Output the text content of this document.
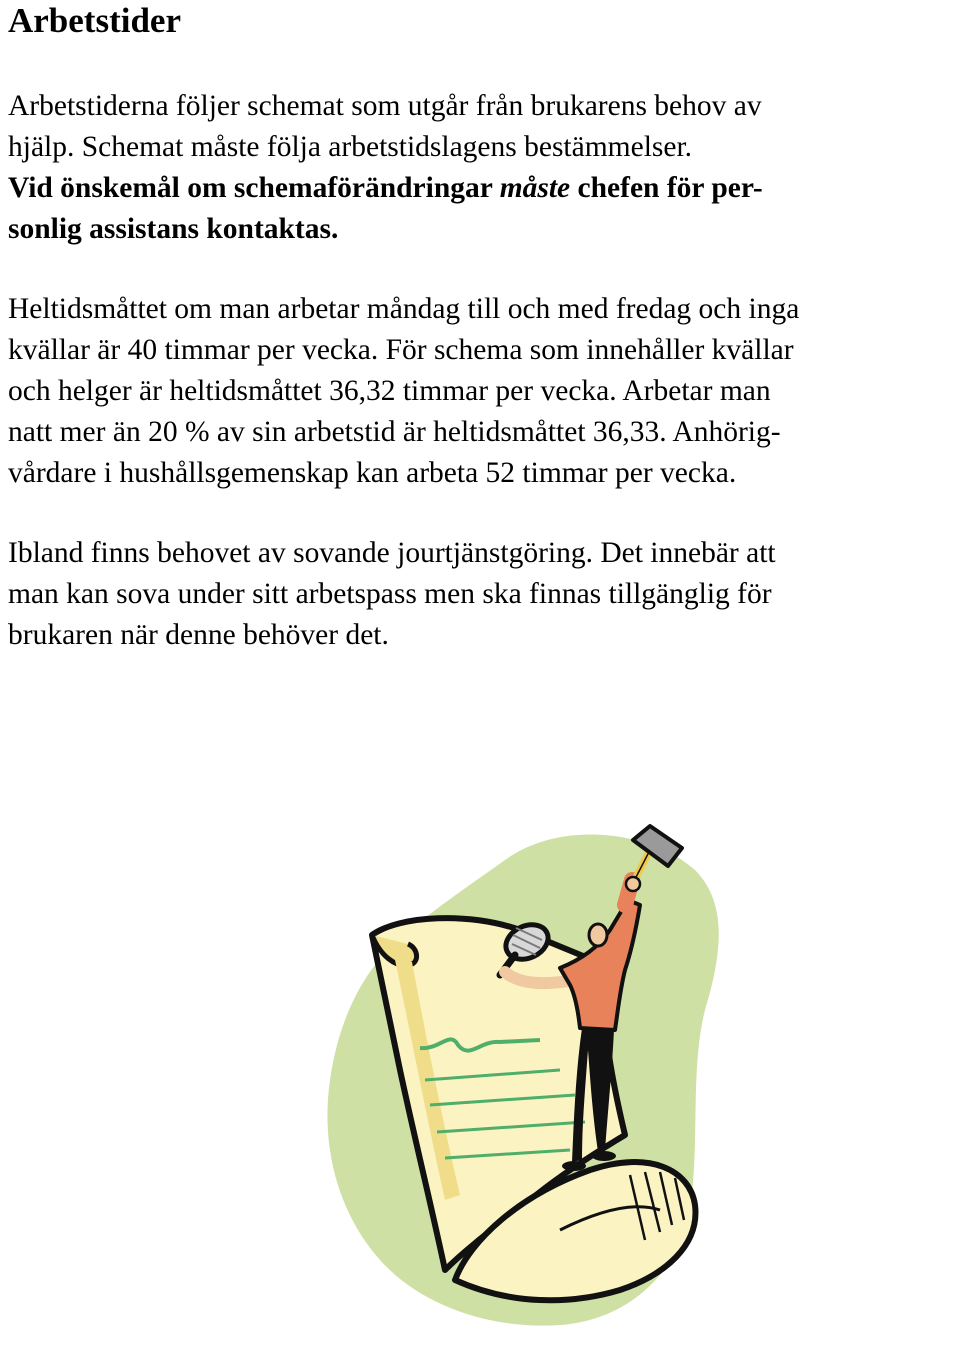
Arbetstider

Arbetstiderna följer schemat som utgår från brukarens behov av
hjälp. Schemat måste följa arbetstidslagens bestämmelser.
Vid önskemål om schemaförändringar måste chefen för per-
sonlig assistans kontaktas.

Heltidsmåttet om man arbetar måndag till och med fredag och inga
kvällar är 40 timmar per vecka. För schema som innehåller kvällar
och helger är heltidsmåttet 36,32 timmar per vecka. Arbetar man
natt mer än 20 % av sin arbetstid är heltidsmåttet 36,33. Anhörig-
vårdare i hushållsgemenskap kan arbeta 52 timmar per vecka.

Ibland finns behovet av sovande jourtjänstgöring. Det innebär att
man kan sova under sitt arbetspass men ska finnas tillgänglig för
brukaren när denne behöver det.
